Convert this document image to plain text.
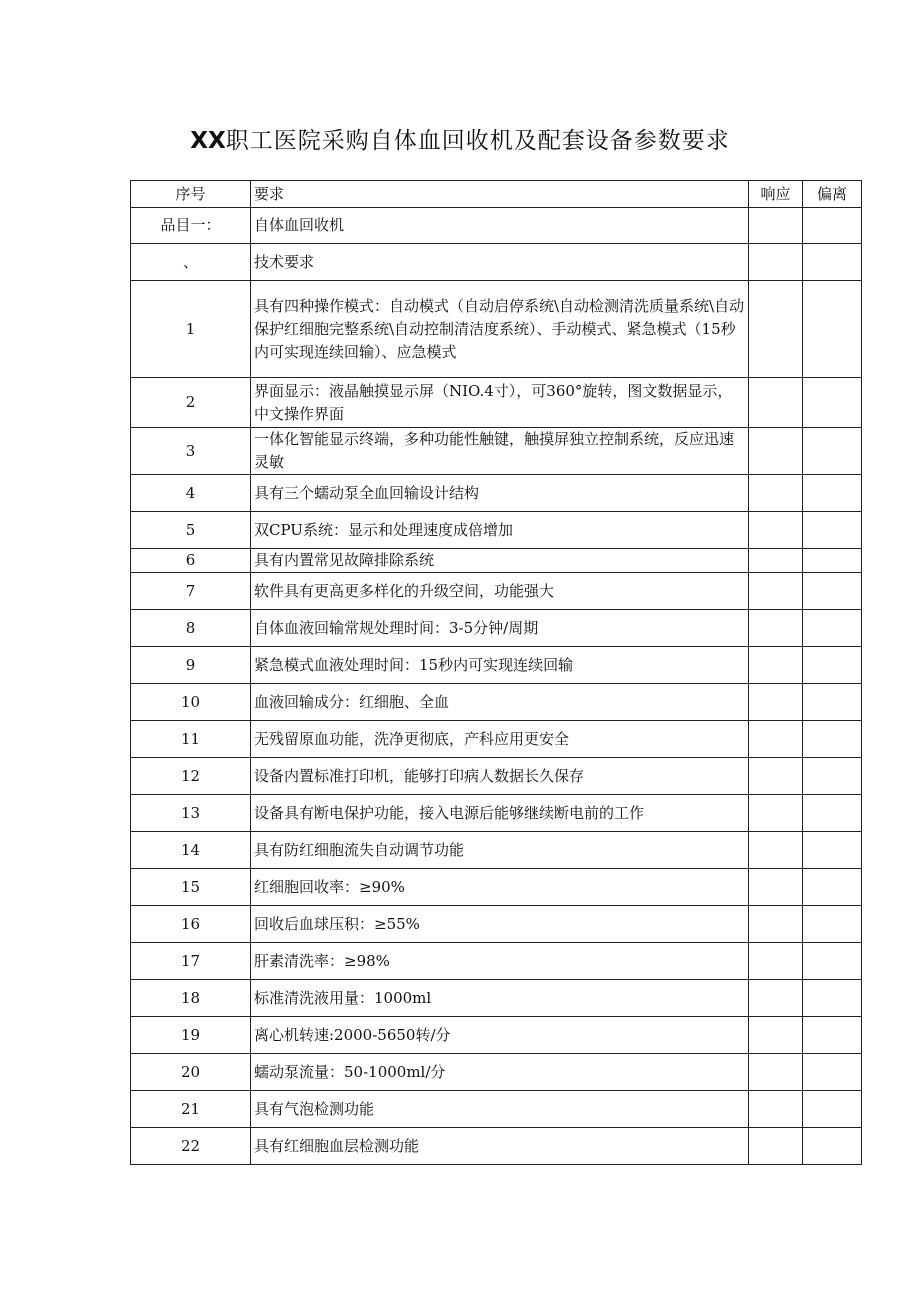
XX职工医院采购自体血回收机及配套设备参数要求
序号	要求	响应	偏离
品目一：	自体血回收机		
、	技术要求		
1	具有四种操作模式：自动模式（自动启停系统\自动检测清洗质量系统\自动保护红细胞完整系统\自动控制清洁度系统）、手动模式、紧急模式（15秒内可实现连续回输）、应急模式		
2	界面显示：液晶触摸显示屏（NIO.4寸），可360°旋转，图文数据显示，中文操作界面		
3	一体化智能显示终端，多种功能性触键，触摸屏独立控制系统，反应迅速灵敏		
4	具有三个蠕动泵全血回输设计结构		
5	双CPU系统：显示和处理速度成倍增加		
6	具有内置常见故障排除系统		
7	软件具有更高更多样化的升级空间，功能强大		
8	自体血液回输常规处理时间：3-5分钟/周期		
9	紧急模式血液处理时间：15秒内可实现连续回输		
10	血液回输成分：红细胞、全血		
11	无残留原血功能，洗净更彻底，产科应用更安全		
12	设备内置标准打印机，能够打印病人数据长久保存		
13	设备具有断电保护功能，接入电源后能够继续断电前的工作		
14	具有防红细胞流失自动调节功能		
15	红细胞回收率：≥90%		
16	回收后血球压积：≥55%		
17	肝素清洗率：≥98%		
18	标准清洗液用量：1000ml		
19	离心机转速:2000-5650转/分		
20	蠕动泵流量：50-1000ml/分		
21	具有气泡检测功能		
22	具有红细胞血层检测功能		
